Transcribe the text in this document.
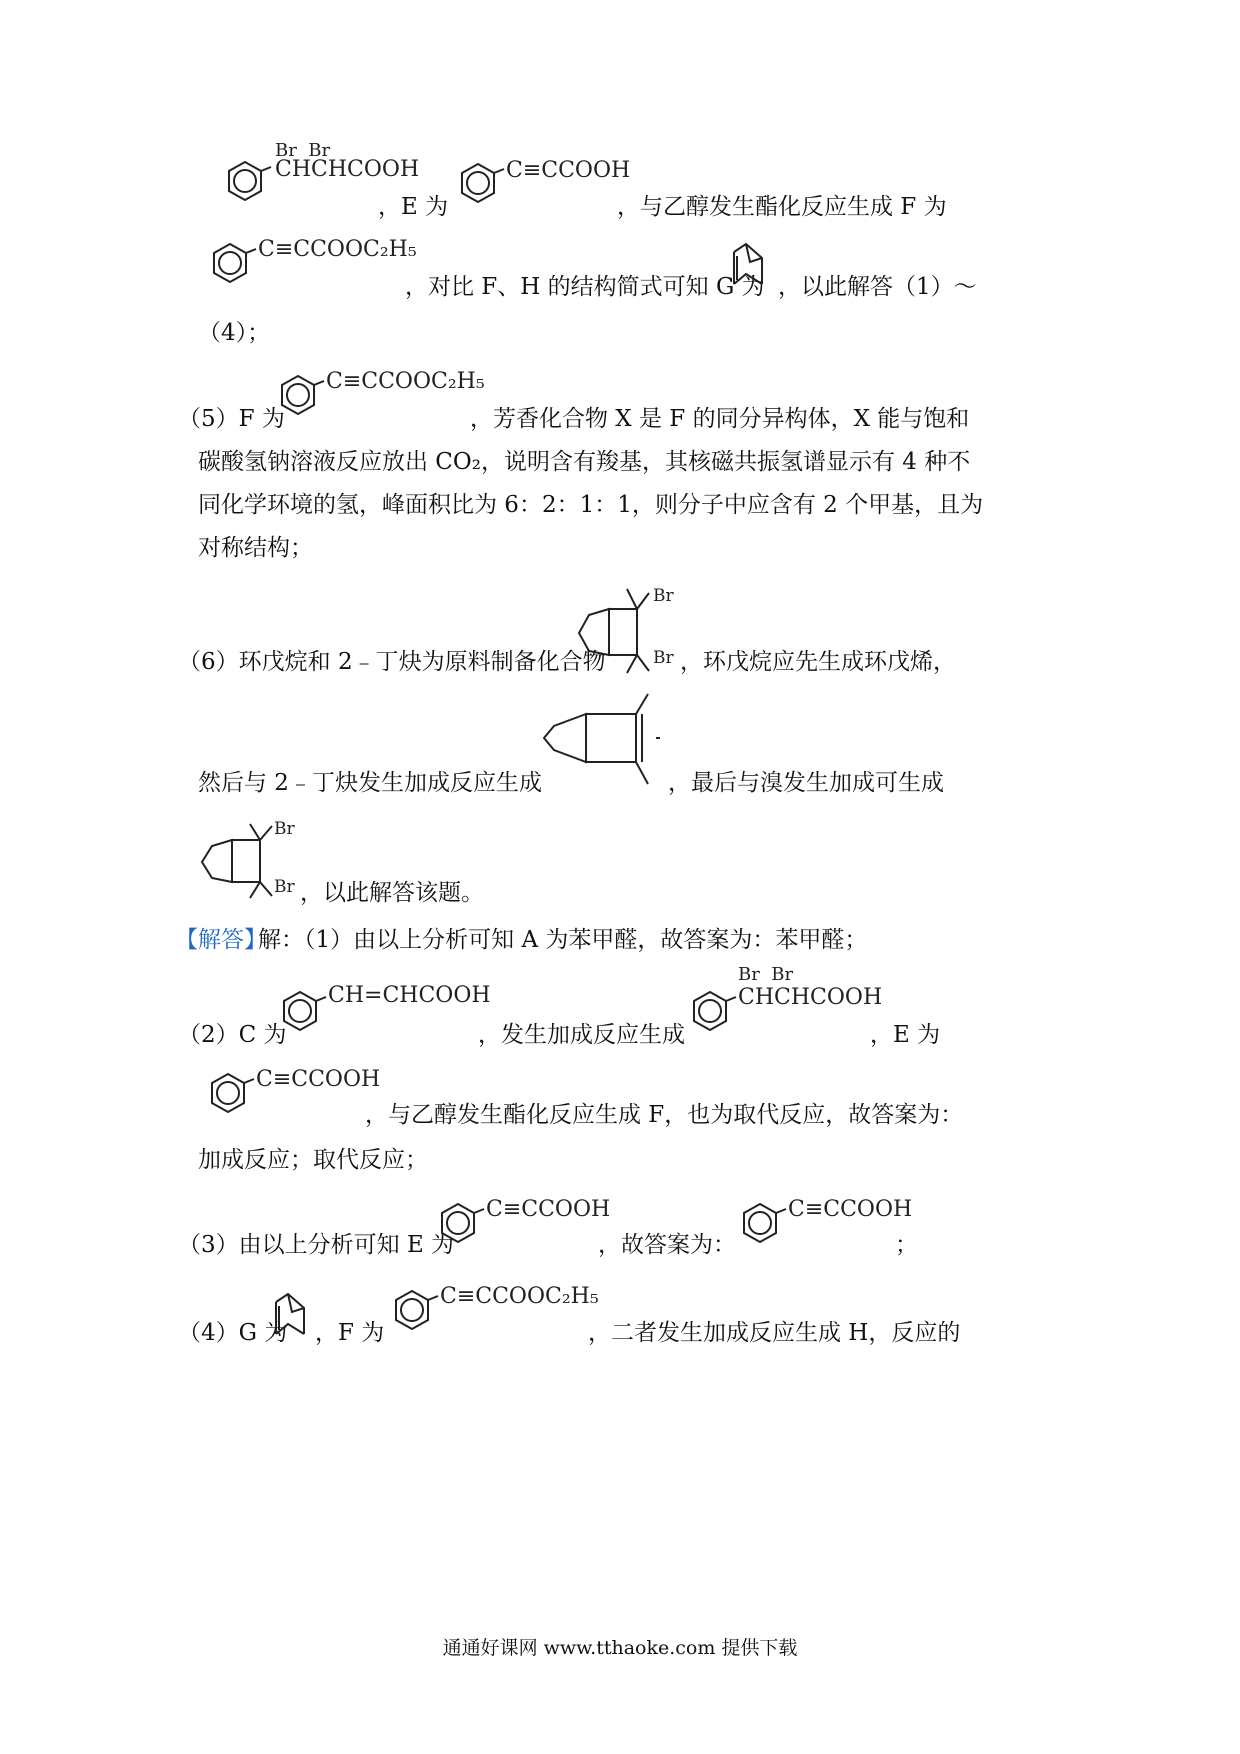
CHCHCOOH
Br  Br
，E 为
C≡CCOOH
，与乙醇发生酯化反应生成 F 为
C≡CCOOC₂H₅
，对比 F、H 的结构简式可知 G 为 ，以此解答（1）～
（4）；
（5）F 为
C≡CCOOC₂H₅
，芳香化合物 X 是 F 的同分异构体，X 能与饱和
碳酸氢钠溶液反应放出 CO₂，说明含有羧基，其核磁共振氢谱显示有 4 种不
同化学环境的氢，峰面积比为 6：2：1：1，则分子中应含有 2 个甲基，且为
对称结构；
（6）环戊烷和 2﹣丁炔为原料制备化合物
Br
Br ，环戊烷应先生成环戊烯，
然后与 2﹣丁炔发生加成反应生成	，最后与溴发生加成可生成
Br
Br ，以此解答该题。
【解答】
解：（1）由以上分析可知 A 为苯甲醛，故答案为：苯甲醛；
（2）C 为
CH=CHCOOH
，发生加成反应生成
CHCHCOOH
Br  Br
，E 为
C≡CCOOH
，与乙醇发生酯化反应生成 F，也为取代反应，故答案为：
加成反应；取代反应；
（3）由以上分析可知 E 为
C≡CCOOH
，故答案为：
C≡CCOOH
；
（4）G 为 ，F 为
C≡CCOOC₂H₅
，二者发生加成反应生成 H，反应的
通通好课网 www.tthaoke.com 提供下载
